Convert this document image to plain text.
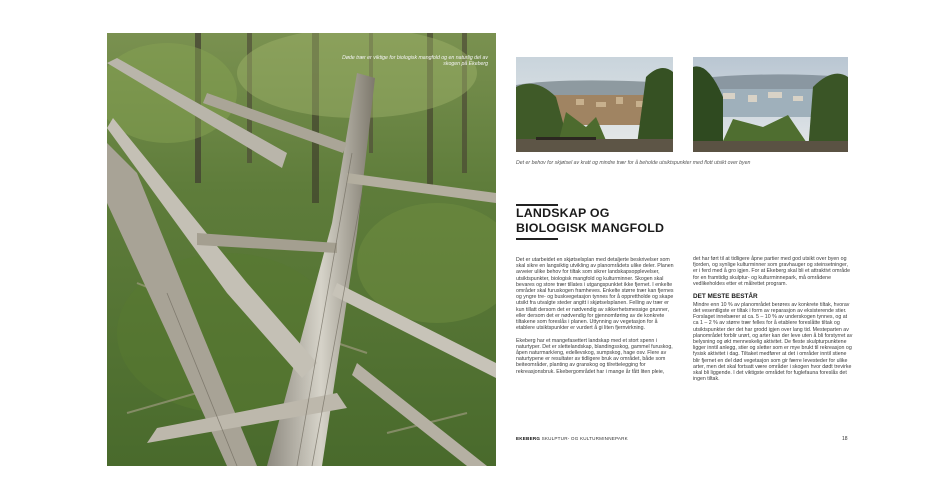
Døde trær er viktige for biologisk mangfold og en naturlig del av skogen på Ekeberg
Det er behov for skjøtsel av kratt og mindre trær for å beholde utsiktspunkter med flott utsikt over byen
LANDSKAP OG
BIOLOGISK MANGFOLD

Det er utarbeidet en skjøtselsplan med detaljerte beskrivelser som skal sikre en langsiktig utvikling av planområdets ulike deler. Planen avveier ulike behov for tiltak som sikrer landskapsopplevelser, utsiktspunkter, biologisk mangfold og kulturminner. Skogen skal bevares og store trær tillates i utgangspunktet ikke fjernet. I enkelte områder skal furuskogen framheves. Enkelte større trær kan fjernes og yngre tre- og buskvegetasjon tynnes for å opprettholde og skape utsikt fra utvalgte steder angitt i skjøtselsplanen. Felling av trær er kun tillatt dersom det er nødvendig av sikkerhetsmessige grunner, eller dersom det er nødvendig for gjennomføring av de konkrete tiltakene som foreslås i planen. Uttynning av vegetasjon for å etablere utsiktspunkter er vurdert å gi liten fjernvirkning.

Ekeberg har et mangefasettert landskap med et stort spenn i naturtyper. Det er slettelandskap, blandingsskog, gammel furuskog, åpen naturmark/eng, edellevskog, sumpskog, hage osv. Flere av naturtypene er resultater av tidligere bruk av området, både som beiteområder, planting av granskog og tilrettelegging for rekreasjonsbruk. Ekebergområdet har i mange år fått liten pleie,

det har ført til at tidligere åpne partier med god utsikt over byen og fjorden, og synlige kulturminner som gravhauger og steinsetninger, er i ferd med å gro igjen. For at Ekeberg skal bli et attraktivt område for en framtidig skulptur- og kulturminnepark, må områdene vedlikeholdes etter et målrettet program.

DET MESTE BESTÅR

Mindre enn 10 % av planområdet berøres av konkrete tiltak, hvorav det vesentligste er tiltak i form av reparasjon av eksisterende stier. Forslaget innebærer at ca. 5 – 10 % av underskogen tynnes, og at ca 1 – 2 % av større trær felles for å etablere foreslåtte tiltak og utsiktspunkter der det har grodd igjen over lang tid. Mesteparten av planområdet forblir urørt, og arter kan der leve uten å bli forstyrret av belysning og økt menneskelig aktivitet. De fleste skulpturpunktene ligger inntil anlegg, stier og sletter som er mye brukt til rekreasjon og fysisk aktivitet i dag. Tiltaket medfører at det i områder inntil stiene blir fjernet en del død vegetasjon som gir færre levesteder for ulike arter, men det skal fortsatt være områder i skogen hvor dødt trevirke skal bli liggende. I det viktigste området for fuglefauna foreslås det ingen tiltak.

EKEBERG SKULPTUR- OG KULTURMINNEPARK	18
